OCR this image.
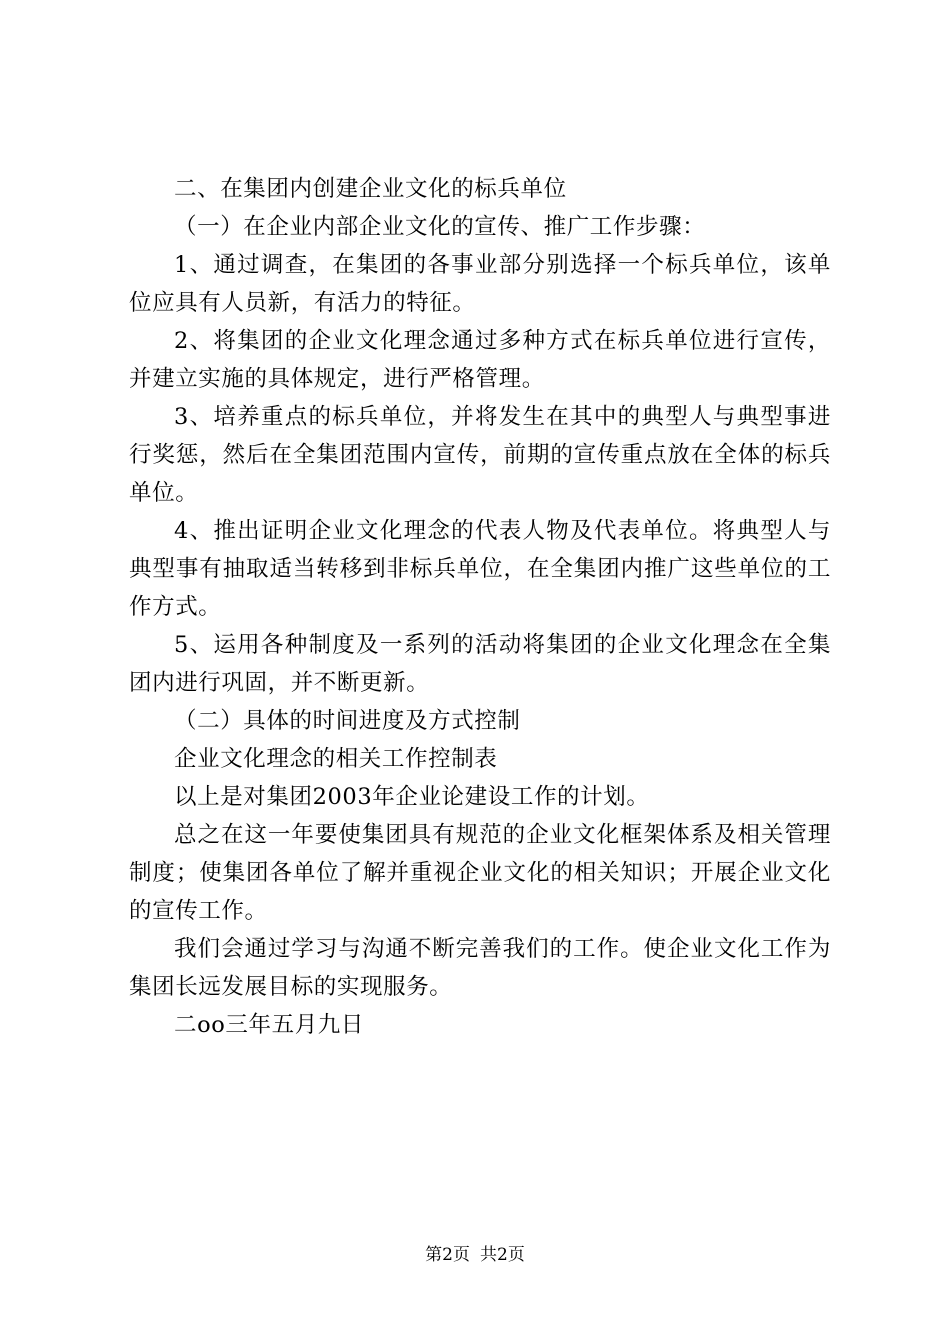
二、在集团内创建企业文化的标兵单位

（一）在企业内部企业文化的宣传、推广工作步骤：

1、通过调查，在集团的各事业部分别选择一个标兵单位，该单位应具有人员新，有活力的特征。

2、将集团的企业文化理念通过多种方式在标兵单位进行宣传，并建立实施的具体规定，进行严格管理。

3、培养重点的标兵单位，并将发生在其中的典型人与典型事进行奖惩，然后在全集团范围内宣传，前期的宣传重点放在全体的标兵单位。

4、推出证明企业文化理念的代表人物及代表单位。将典型人与典型事有抽取适当转移到非标兵单位，在全集团内推广这些单位的工作方式。

5、运用各种制度及一系列的活动将集团的企业文化理念在全集团内进行巩固，并不断更新。

（二）具体的时间进度及方式控制

企业文化理念的相关工作控制表

以上是对集团2003年企业论建设工作的计划。

总之在这一年要使集团具有规范的企业文化框架体系及相关管理制度；使集团各单位了解并重视企业文化的相关知识；开展企业文化的宣传工作。

我们会通过学习与沟通不断完善我们的工作。使企业文化工作为集团长远发展目标的实现服务。

二oo三年五月九日

第2页 共2页
